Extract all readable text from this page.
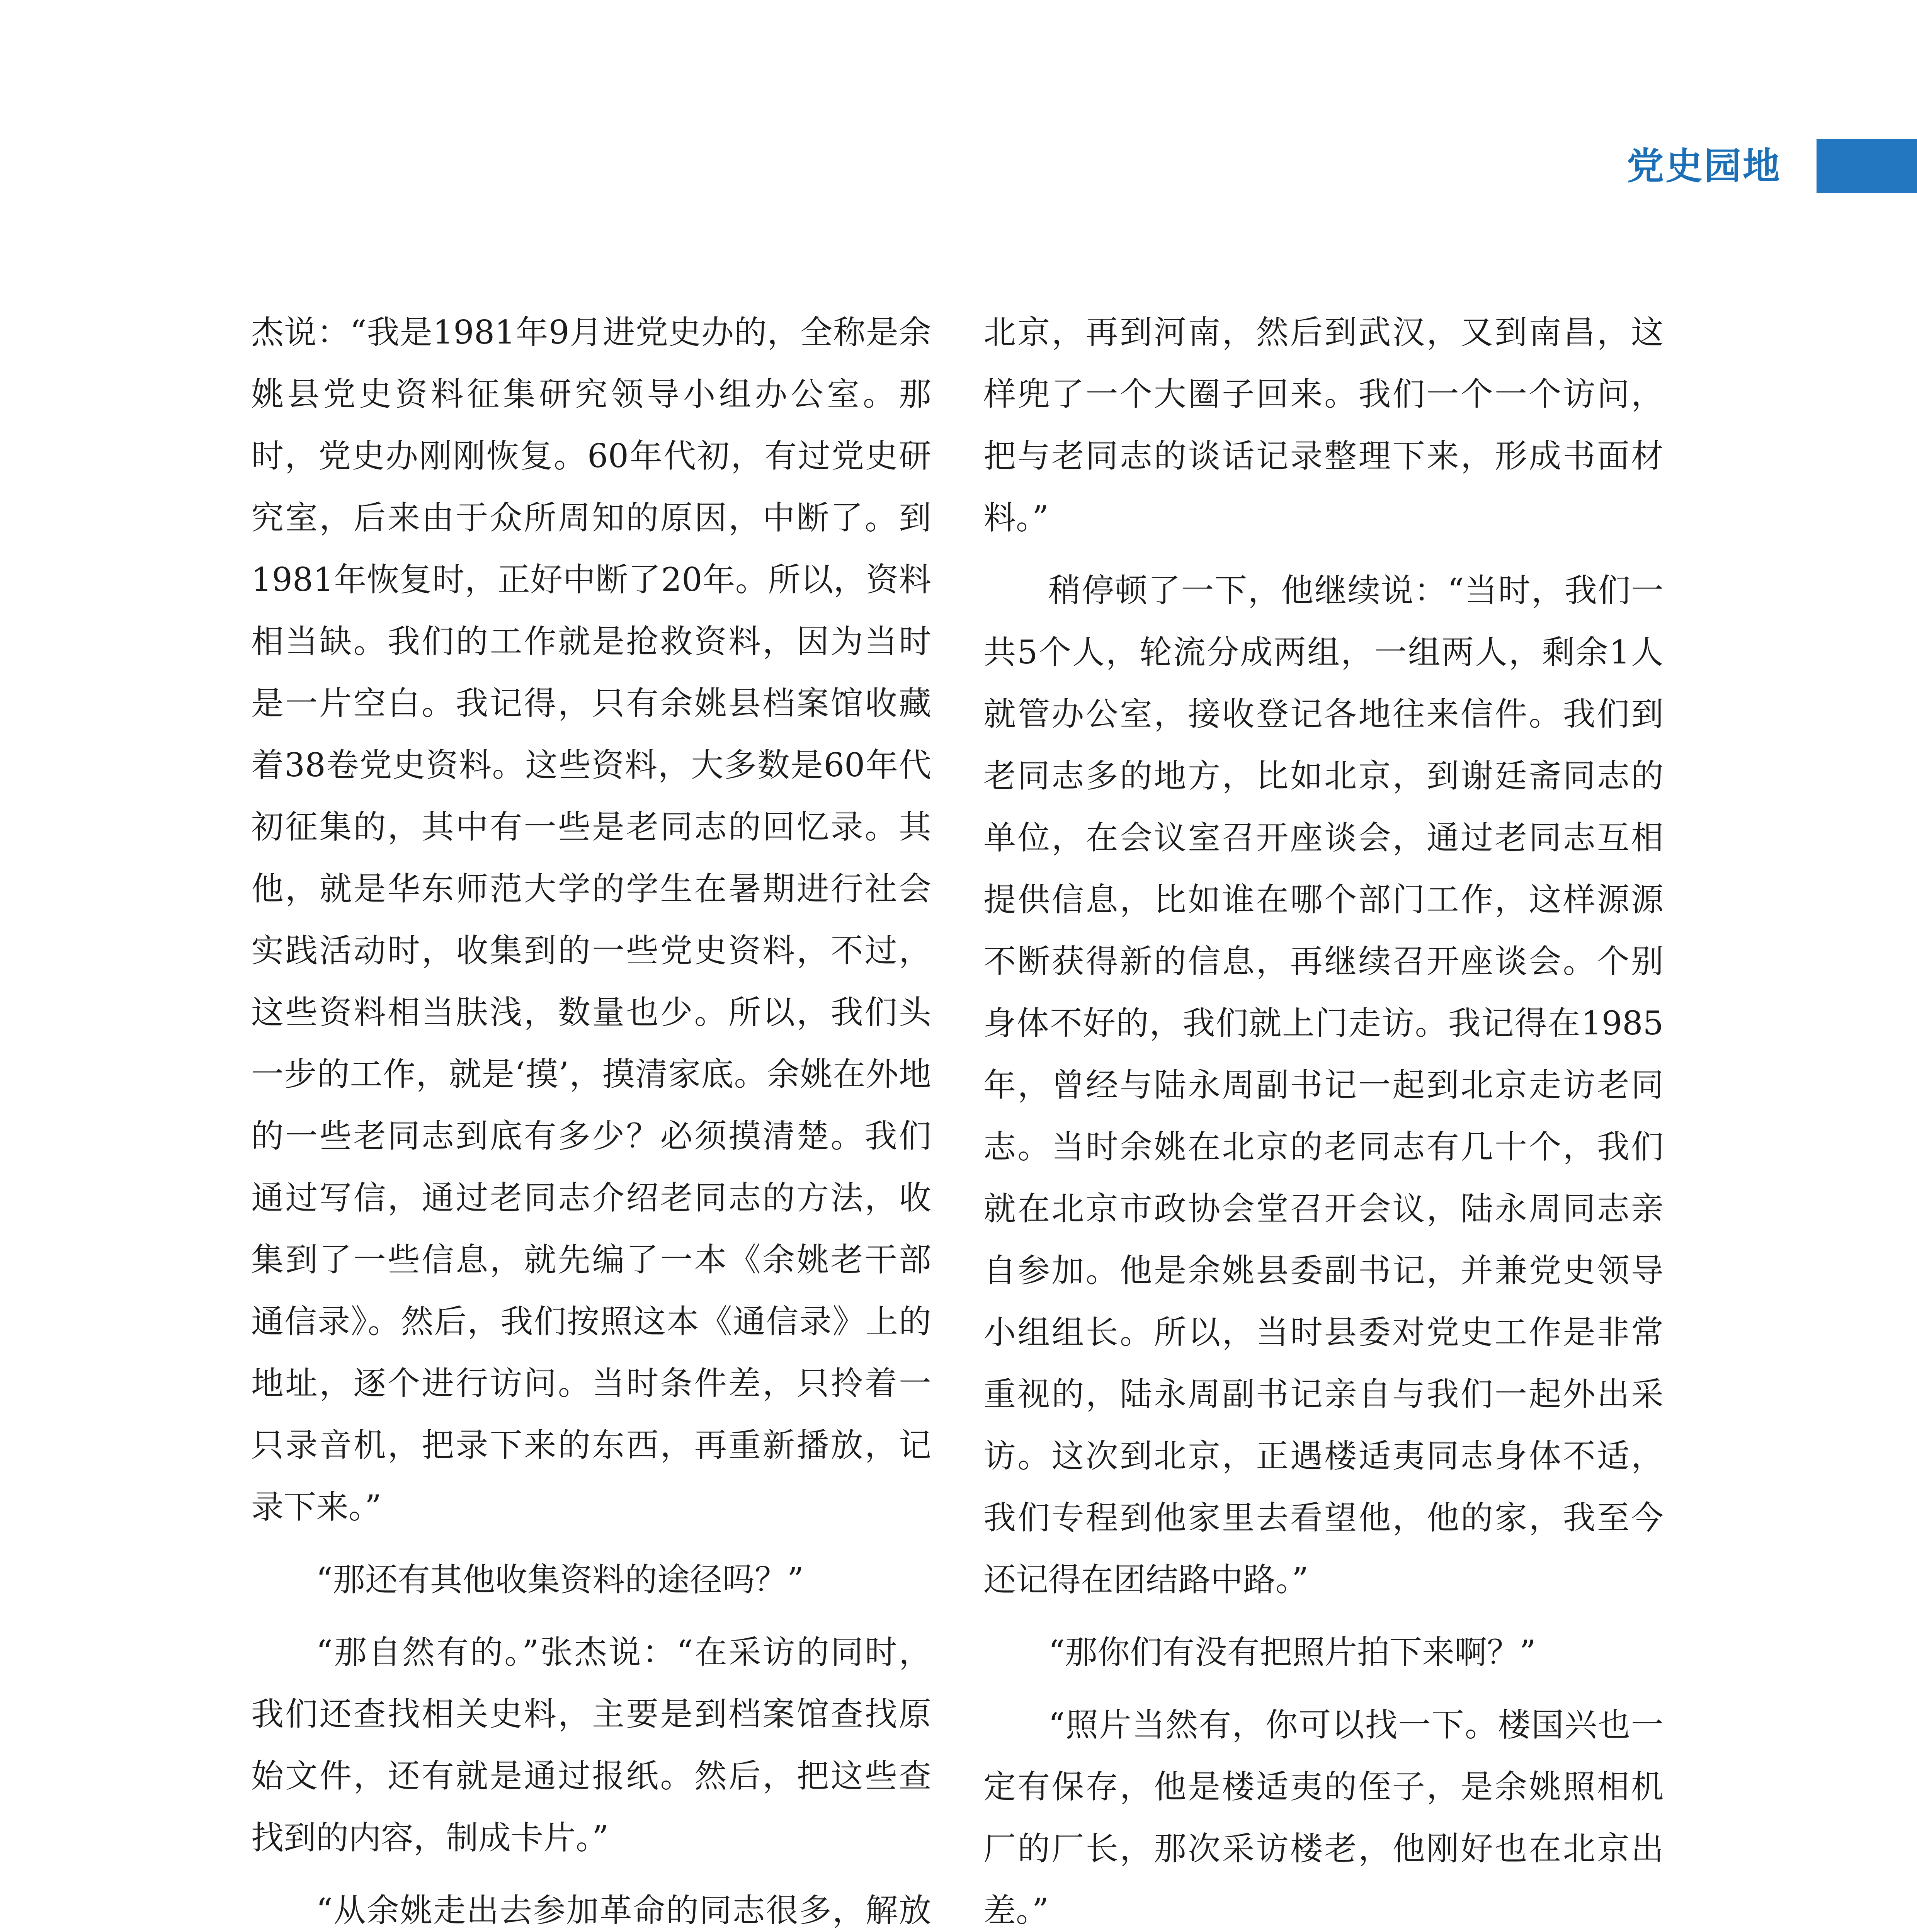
党史园地

杰说：“我是1981年9月进党史办的，全称是余姚县党史资料征集研究领导小组办公室。那时，党史办刚刚恢复。60年代初，有过党史研究室，后来由于众所周知的原因，中断了。到1981年恢复时，正好中断了20年。所以，资料相当缺。我们的工作就是抢救资料，因为当时是一片空白。我记得，只有余姚县档案馆收藏着38卷党史资料。这些资料，大多数是60年代初征集的，其中有一些是老同志的回忆录。其他，就是华东师范大学的学生在暑期进行社会实践活动时，收集到的一些党史资料，不过，这些资料相当肤浅，数量也少。所以，我们头一步的工作，就是‘摸’，摸清家底。余姚在外地的一些老同志到底有多少？必须摸清楚。我们通过写信，通过老同志介绍老同志的方法，收集到了一些信息，就先编了一本《余姚老干部通信录》。然后，我们按照这本《通信录》上的地址，逐个进行访问。当时条件差，只拎着一只录音机，把录下来的东西，再重新播放，记录下来。”

“那还有其他收集资料的途径吗？”

“那自然有的。”张杰说：“在采访的同时，我们还查找相关史料，主要是到档案馆查找原始文件，还有就是通过报纸。然后，把这些查找到的内容，制成卡片。”

“从余姚走出去参加革命的同志很多，解放

北京，再到河南，然后到武汉，又到南昌，这样兜了一个大圈子回来。我们一个一个访问，把与老同志的谈话记录整理下来，形成书面材料。”

稍停顿了一下，他继续说：“当时，我们一共5个人，轮流分成两组，一组两人，剩余1人就管办公室，接收登记各地往来信件。我们到老同志多的地方，比如北京，到谢廷斋同志的单位，在会议室召开座谈会，通过老同志互相提供信息，比如谁在哪个部门工作，这样源源不断获得新的信息，再继续召开座谈会。个别身体不好的，我们就上门走访。我记得在1985年，曾经与陆永周副书记一起到北京走访老同志。当时余姚在北京的老同志有几十个，我们就在北京市政协会堂召开会议，陆永周同志亲自参加。他是余姚县委副书记，并兼党史领导小组组长。所以，当时县委对党史工作是非常重视的，陆永周副书记亲自与我们一起外出采访。这次到北京，正遇楼适夷同志身体不适，我们专程到他家里去看望他，他的家，我至今还记得在团结路中路。”

“那你们有没有把照片拍下来啊？”

“照片当然有，你可以找一下。楼国兴也一定有保存，他是楼适夷的侄子，是余姚照相机厂的厂长，那次采访楼老，他刚好也在北京出差。”
